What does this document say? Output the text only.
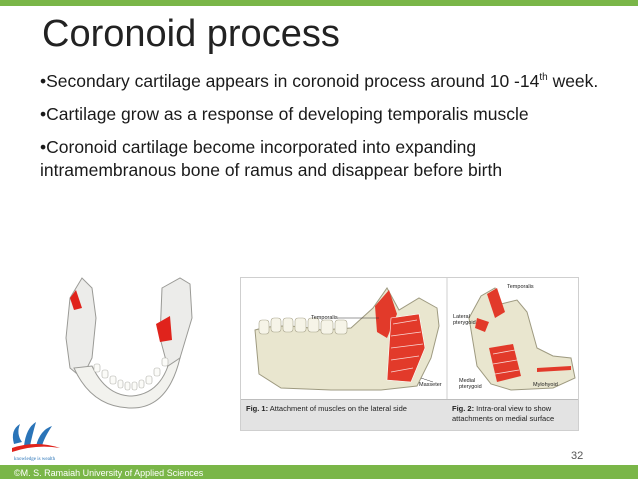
Coronoid process
•Secondary cartilage appears in coronoid process around 10 -14th week.
•Cartilage grow as a response of developing temporalis muscle
•Coronoid cartilage become incorporated into expanding intramembranous bone of ramus and disappear before birth
Temporalis
Masseter
Temporalis
Lateral pterygoid
Medial pterygoid	Mylohyoid
Fig. 1: Attachment of muscles on the lateral side	Fig. 2: Intra-oral view to show attachments on medial surface
knowledge is wealth	32
©M. S. Ramaiah University of Applied Sciences
